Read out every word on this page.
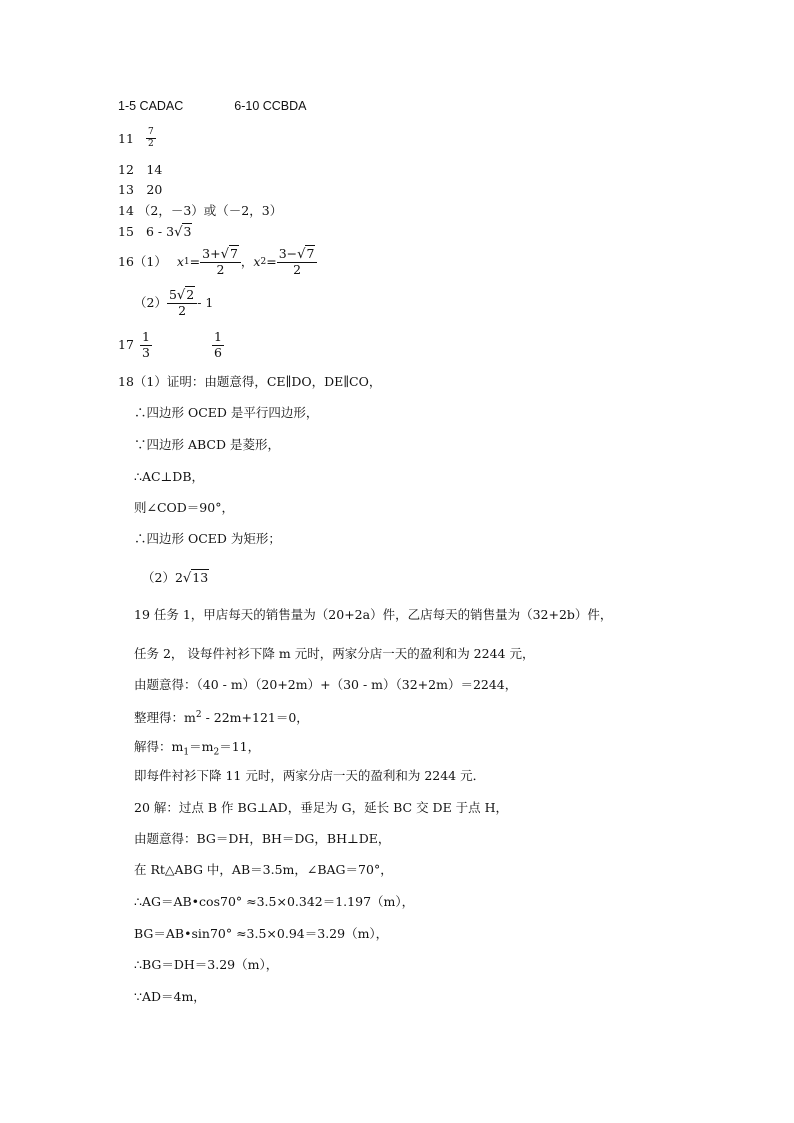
1-5 CADAC	6-10 CCBDA
$11 \frac{7}{2}$
12　14
13　20
14 （2，－3）或（－2，3）
15 6 - 3√3
16 （1） x $1 = \frac{3+√7}{2}$ ， x $2 = \frac{3-√7}{2}$
$(2) \frac{5√2}{2} - 1$
$17 \frac{1}{3}$	$\frac{1}{6}$
18（1）证明：由题意得，CE∥DO，DE∥CO，
∴四边形 OCED 是平行四边形，
∵四边形 ABCD 是菱形，
∴AC⊥DB，
则∠COD＝90°，
∴四边形 OCED 为矩形；
（2）2√13
19 任务 1，甲店每天的销售量为（20+2a）件，乙店每天的销售量为（32+2b）件，
任务 2， 设每件衬衫下降 m 元时，两家分店一天的盈利和为 2244 元，
由题意得：（40 - m）（20+2m）+（30 - m）（32+2m）＝2244，
整理得：$m^2 - 22m+121=0$，
解得：$m_1=m_2=11$，
即每件衬衫下降 11 元时，两家分店一天的盈利和为 2244 元．
20 解：过点 B 作 BG⊥AD，垂足为 G，延长 BC 交 DE 于点 H，
由题意得：BG＝DH，BH＝DG，BH⊥DE，
在 Rt△ABG 中，AB＝3.5m，∠BAG＝70°，
∴AG＝AB•cos70° ≈3.5×0.342＝1.197（m），
BG＝AB•sin70° ≈3.5×0.94＝3.29（m），
∴BG＝DH＝3.29（m），
∵AD＝4m，
